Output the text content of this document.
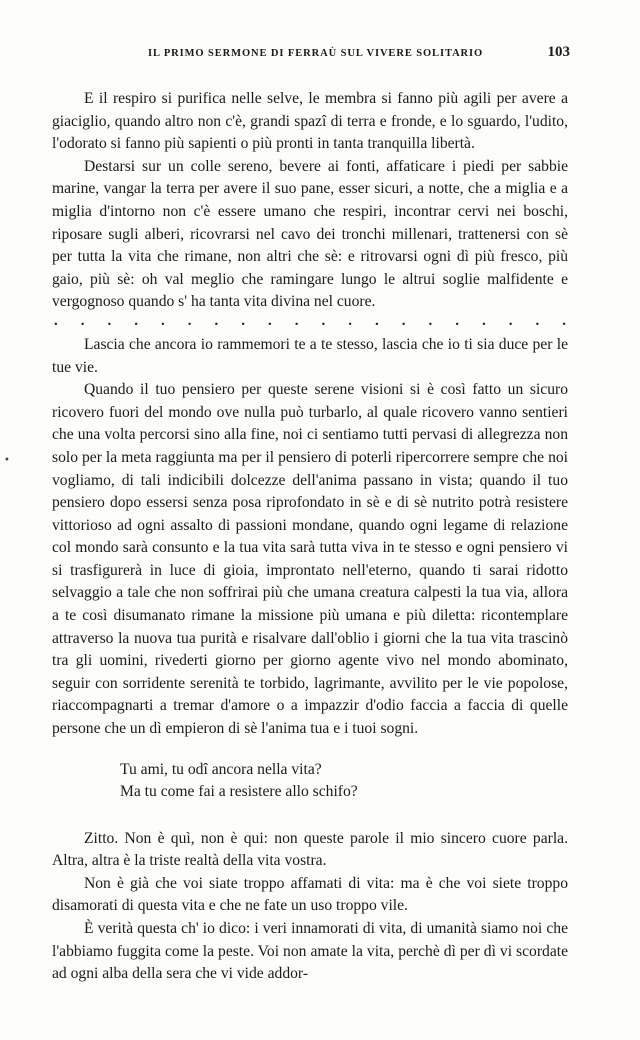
IL PRIMO SERMONE DI FERRAÙ SUL VIVERE SOLITARIO	103
•

E il respiro si purifica nelle selve, le membra si fanno più agili per avere a giaciglio, quando altro non c'è, grandi spazî di terra e fronde, e lo sguardo, l'udito, l'odorato si fanno più sapienti o più pronti in tanta tranquilla libertà.

Destarsi sur un colle sereno, bevere ai fonti, affaticare i piedi per sabbie marine, vangar la terra per avere il suo pane, esser sicuri, a notte, che a miglia e a miglia d'intorno non c'è essere umano che respiri, incontrar cervi nei boschi, riposare sugli alberi, ricovrarsi nel cavo dei tronchi millenari, trattenersi con sè per tutta la vita che rimane, non altri che sè: e ritrovarsi ogni dì più fresco, più gaio, più sè: oh val meglio che ramingare lungo le altrui soglie malfidente e vergognoso quando s' ha tanta vita divina nel cuore.

. . . . . . . . . . . . . . . . . . . .

Lascia che ancora io rammemori te a te stesso, lascia che io ti sia duce per le tue vie.

Quando il tuo pensiero per queste serene visioni si è così fatto un sicuro ricovero fuori del mondo ove nulla può turbarlo, al quale ricovero vanno sentieri che una volta percorsi sino alla fine, noi ci sentiamo tutti pervasi di allegrezza non solo per la meta raggiunta ma per il pensiero di poterli ripercorrere sempre che noi vogliamo, di tali indicibili dolcezze dell'anima passano in vista; quando il tuo pensiero dopo essersi senza posa riprofondato in sè e di sè nutrito potrà resistere vittorioso ad ogni assalto di passioni mondane, quando ogni legame di relazione col mondo sarà consunto e la tua vita sarà tutta viva in te stesso e ogni pensiero vi si trasfigurerà in luce di gioia, improntato nell'eterno, quando ti sarai ridotto selvaggio a tale che non soffrirai più che umana creatura calpesti la tua via, allora a te così disumanato rimane la missione più umana e più diletta: ricontemplare attraverso la nuova tua purità e risalvare dall'oblio i giorni che la tua vita trascinò tra gli uomini, rivederti giorno per giorno agente vivo nel mondo abominato, seguir con sorridente serenità te torbido, lagrimante, avvilito per le vie popolose, riaccompagnarti a tremar d'amore o a impazzir d'odio faccia a faccia di quelle persone che un dì empieron di sè l'anima tua e i tuoi sogni.

Tu ami, tu odî ancora nella vita?

Ma tu come fai a resistere allo schifo?

Zitto. Non è quì, non è qui: non queste parole il mio sincero cuore parla. Altra, altra è la triste realtà della vita vostra.

Non è già che voi siate troppo affamati di vita: ma è che voi siete troppo disamorati di questa vita e che ne fate un uso troppo vile.

È verità questa ch' io dico: i veri innamorati di vita, di umanità siamo noi che l'abbiamo fuggita come la peste. Voi non amate la vita, perchè dì per dì vi scordate ad ogni alba della sera che vi vide addor-
